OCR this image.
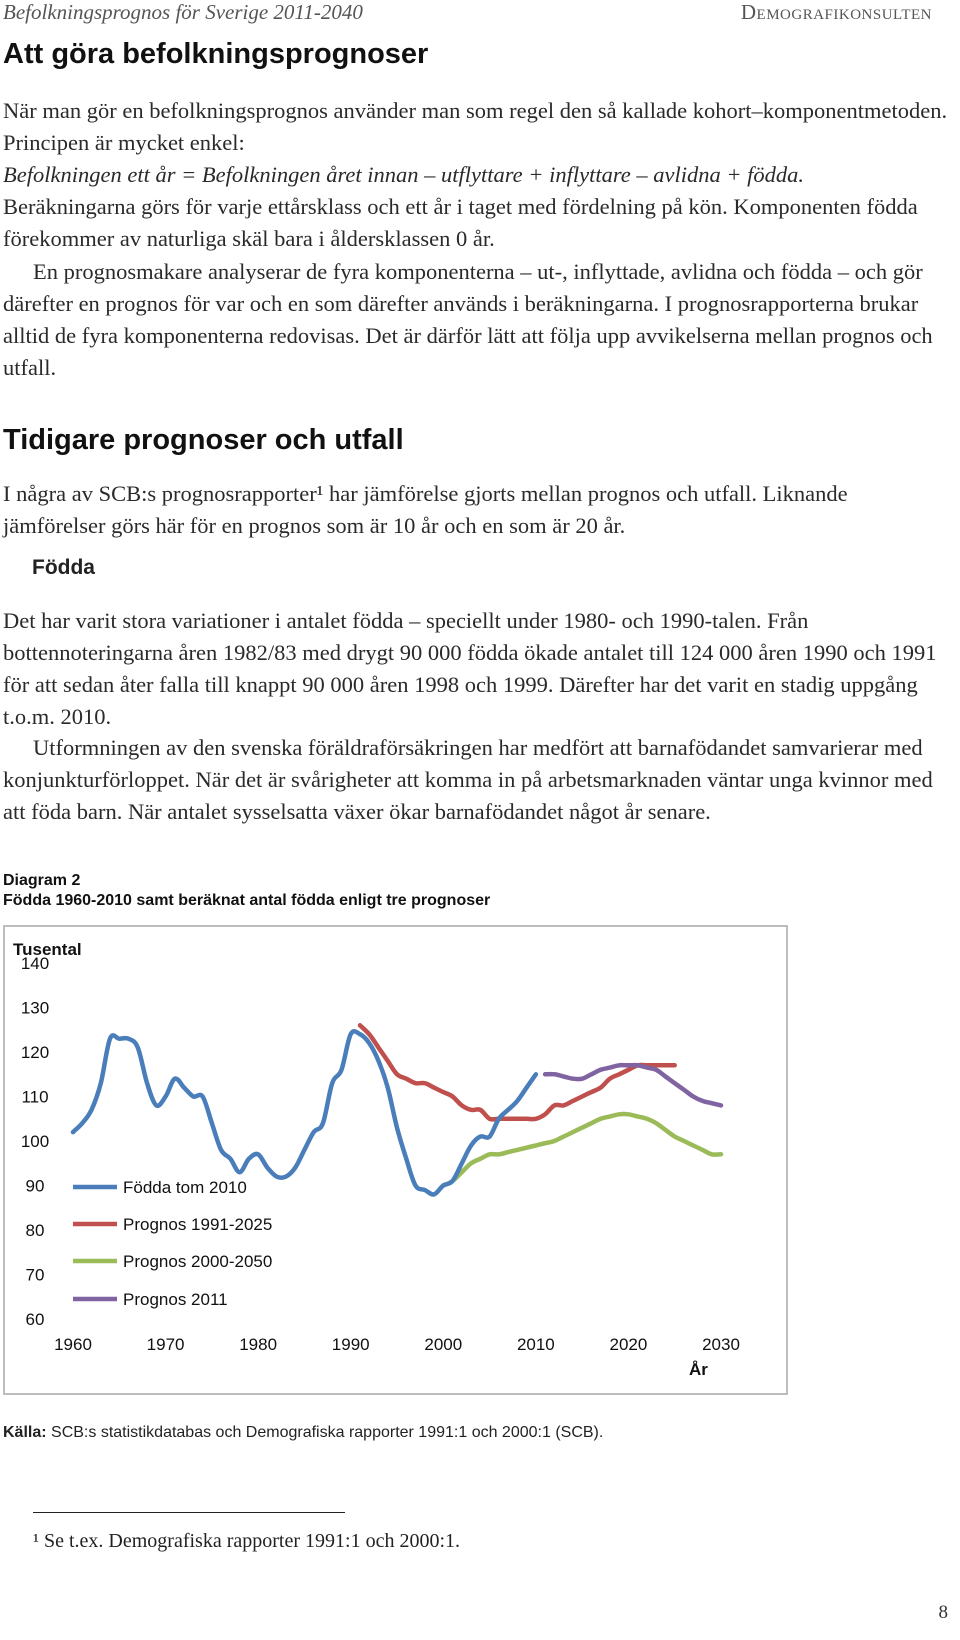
Befolkningsprognos för Sverige 2011-2040	Demografikonsulten
Att göra befolkningsprognoser
När man gör en befolkningsprognos använder man som regel den så kallade kohort–komponentmetoden. Principen är mycket enkel:
Befolkningen ett år = Befolkningen året innan – utflyttare + inflyttare – avlidna + födda.
Beräkningarna görs för varje ettårsklass och ett år i taget med fördelning på kön. Komponenten födda förekommer av naturliga skäl bara i åldersklassen 0 år.

En prognosmakare analyserar de fyra komponenterna – ut-, inflyttade, avlidna och födda – och gör därefter en prognos för var och en som därefter används i beräkningarna. I prognosrapporterna brukar alltid de fyra komponenterna redovisas. Det är därför lätt att följa upp avvikelserna mellan prognos och utfall.

Tidigare prognoser och utfall

I några av SCB:s prognosrapporter¹ har jämförelse gjorts mellan prognos och utfall. Liknande jämförelser görs här för en prognos som är 10 år och en som är 20 år.

Födda

Det har varit stora variationer i antalet födda – speciellt under 1980- och 1990-talen. Från bottennoteringarna åren 1982/83 med drygt 90 000 födda ökade antalet till 124 000 åren 1990 och 1991 för att sedan åter falla till knappt 90 000 åren 1998 och 1999. Därefter har det varit en stadig uppgång t.o.m. 2010.

Utformningen av den svenska föräldraförsäkringen har medfört att barnafödandet samvarierar med konjunkturförloppet. När det är svårigheter att komma in på arbetsmarknaden väntar unga kvinnor med att föda barn. När antalet sysselsatta växer ökar barnafödandet något år senare.

Diagram 2
Födda 1960-2010 samt beräknat antal födda enligt tre prognoser
Tusental
År
60
70
80
90
100
110
120
130
140
1960	1970	1980	1990	2000	2010	2020	2030
Födda tom 2010
Prognos 1991-2025
Prognos 2000-2050
Prognos 2011
Källa: SCB:s statistikdatabas och Demografiska rapporter 1991:1 och 2000:1 (SCB).
¹ Se t.ex. Demografiska rapporter 1991:1 och 2000:1.
8
